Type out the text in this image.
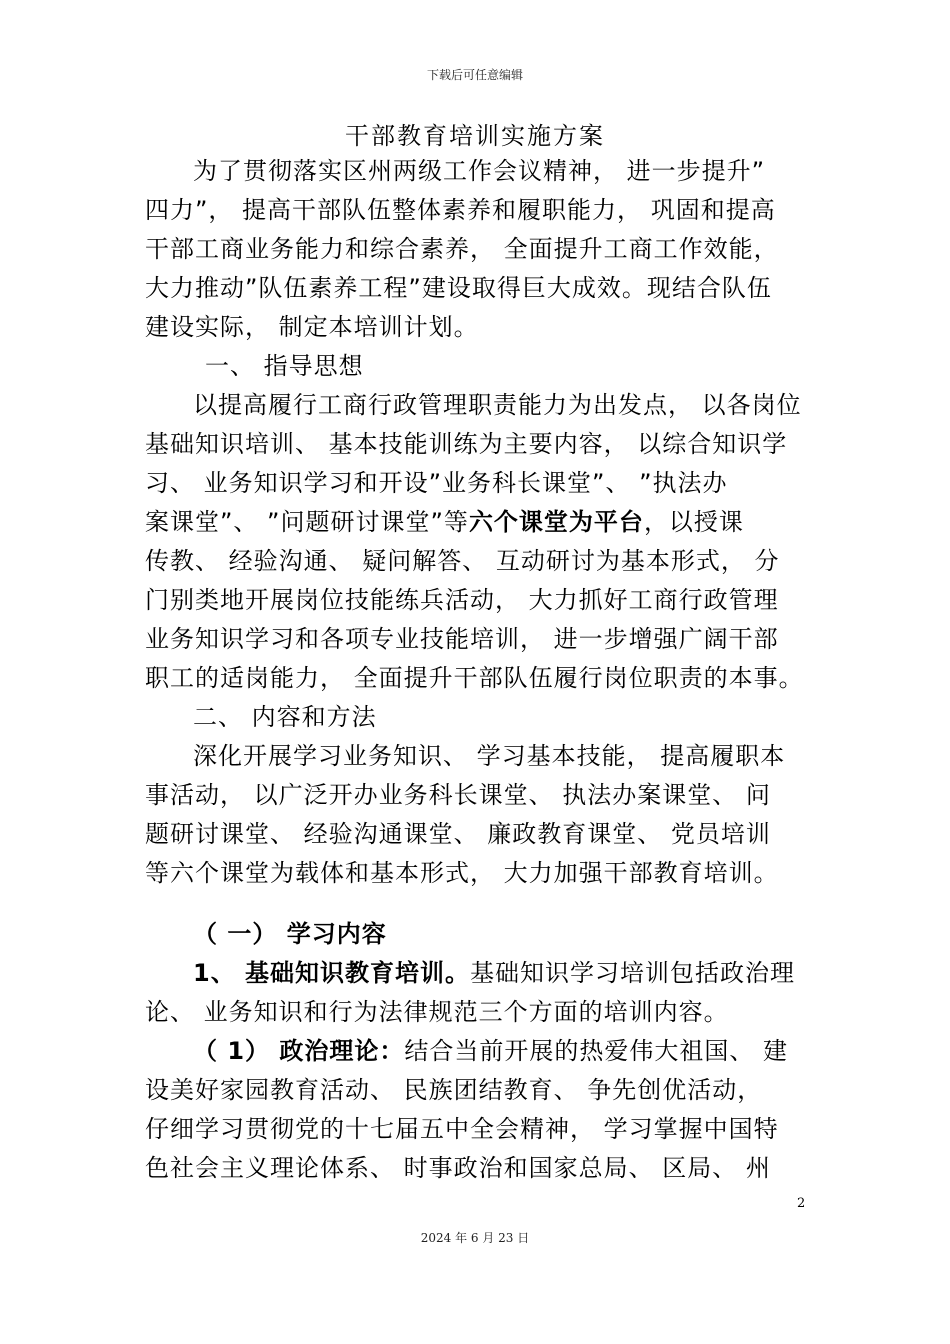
下载后可任意编辑
干部教育培训实施方案

为了贯彻落实区州两级工作会议精神， 进一步提升”

四力”， 提高干部队伍整体素养和履职能力， 巩固和提高

干部工商业务能力和综合素养， 全面提升工商工作效能，

大力推动”队伍素养工程”建设取得巨大成效。现结合队伍

建设实际， 制定本培训计划。

一、 指导思想

以提高履行工商行政管理职责能力为出发点， 以各岗位

基础知识培训、 基本技能训练为主要内容， 以综合知识学

习、 业务知识学习和开设”业务科长课堂”、 ”执法办

案课堂”、 ”问题研讨课堂”等六个课堂为平台，以授课

传教、 经验沟通、 疑问解答、 互动研讨为基本形式， 分

门别类地开展岗位技能练兵活动， 大力抓好工商行政管理

业务知识学习和各项专业技能培训， 进一步增强广阔干部

职工的适岗能力， 全面提升干部队伍履行岗位职责的本事。

二、 内容和方法

深化开展学习业务知识、 学习基本技能， 提高履职本

事活动， 以广泛开办业务科长课堂、 执法办案课堂、 问

题研讨课堂、 经验沟通课堂、 廉政教育课堂、 党员培训

等六个课堂为载体和基本形式， 大力加强干部教育培训。

（ 一） 学习内容

1、 基础知识教育培训。基础知识学习培训包括政治理

论、 业务知识和行为法律规范三个方面的培训内容。

（ 1） 政治理论：结合当前开展的热爱伟大祖国、 建

设美好家园教育活动、 民族团结教育、 争先创优活动，

仔细学习贯彻党的十七届五中全会精神， 学习掌握中国特

色社会主义理论体系、 时事政治和国家总局、 区局、 州

2
2024 年 6 月 23 日
